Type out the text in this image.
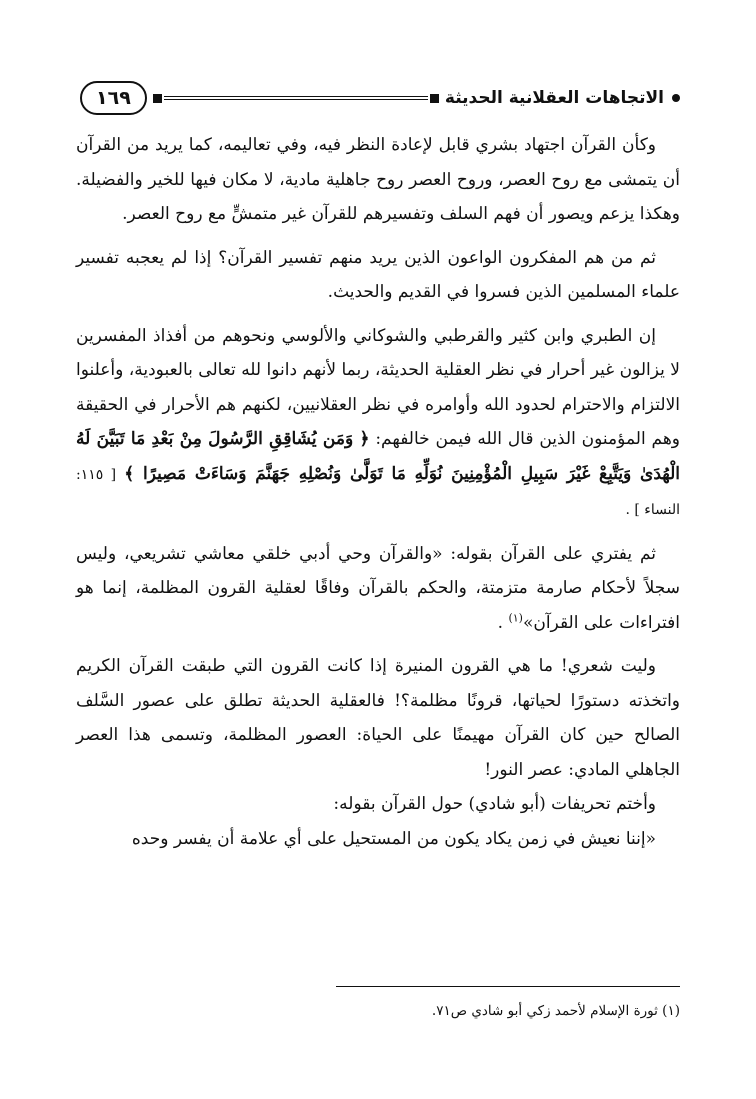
الاتجاهات العقلانية الحديثة
١٦٩

وكأن القرآن اجتهاد بشري قابل لإعادة النظر فيه، وفي تعاليمه، كما يريد من القرآن أن يتمشى مع روح العصر، وروح العصر روح جاهلية مادية، لا مكان فيها للخير والفضيلة. وهكذا يزعم ويصور أن فهم السلف وتفسيرهم للقرآن غير متمشٍّ مع روح العصر.

ثم من هم المفكرون الواعون الذين يريد منهم تفسير القرآن؟ إذا لم يعجبه تفسير علماء المسلمين الذين فسروا في القديم والحديث.

إن الطبري وابن كثير والقرطبي والشوكاني والألوسي ونحوهم من أفذاذ المفسرين لا يزالون غير أحرار في نظر العقلية الحديثة، ربما لأنهم دانوا لله تعالى بالعبودية، وأعلنوا الالتزام والاحترام لحدود الله وأوامره في نظر العقلانيين، لكنهم هم الأحرار في الحقيقة وهم المؤمنون الذين قال الله فيمن خالفهم: ﴿ وَمَن يُشَاقِقِ الرَّسُولَ مِنْ بَعْدِ مَا تَبَيَّنَ لَهُ الْهُدَىٰ وَيَتَّبِعْ غَيْرَ سَبِيلِ الْمُؤْمِنِينَ نُوَلِّهِ مَا تَوَلَّىٰ وَنُصْلِهِ جَهَنَّمَ وَسَاءَتْ مَصِيرًا ﴾ [ ١١٥: النساء ] .

ثم يفتري على القرآن بقوله: «والقرآن وحي أدبي خلقي معاشي تشريعي، وليس سجلاً لأحكام صارمة متزمتة، والحكم بالقرآن وفاقًا لعقلية القرون المظلمة، إنما هو افتراءات على القرآن»$^{(١)}$ .

وليت شعري! ما هي القرون المنيرة إذا كانت القرون التي طبقت القرآن الكريم واتخذته دستورًا لحياتها، قرونًا مظلمة؟! فالعقلية الحديثة تطلق على عصور السَّلف الصالح حين كان القرآن مهيمنًا على الحياة: العصور المظلمة، وتسمى هذا العصر الجاهلي المادي: عصر النور!

وأختم تحريفات (أبو شادي) حول القرآن بقوله:

«إننا نعيش في زمن يكاد يكون من المستحيل على أي علامة أن يفسر وحده

(١) ثورة الإسلام لأحمد زكي أبو شادي ص٧١.
